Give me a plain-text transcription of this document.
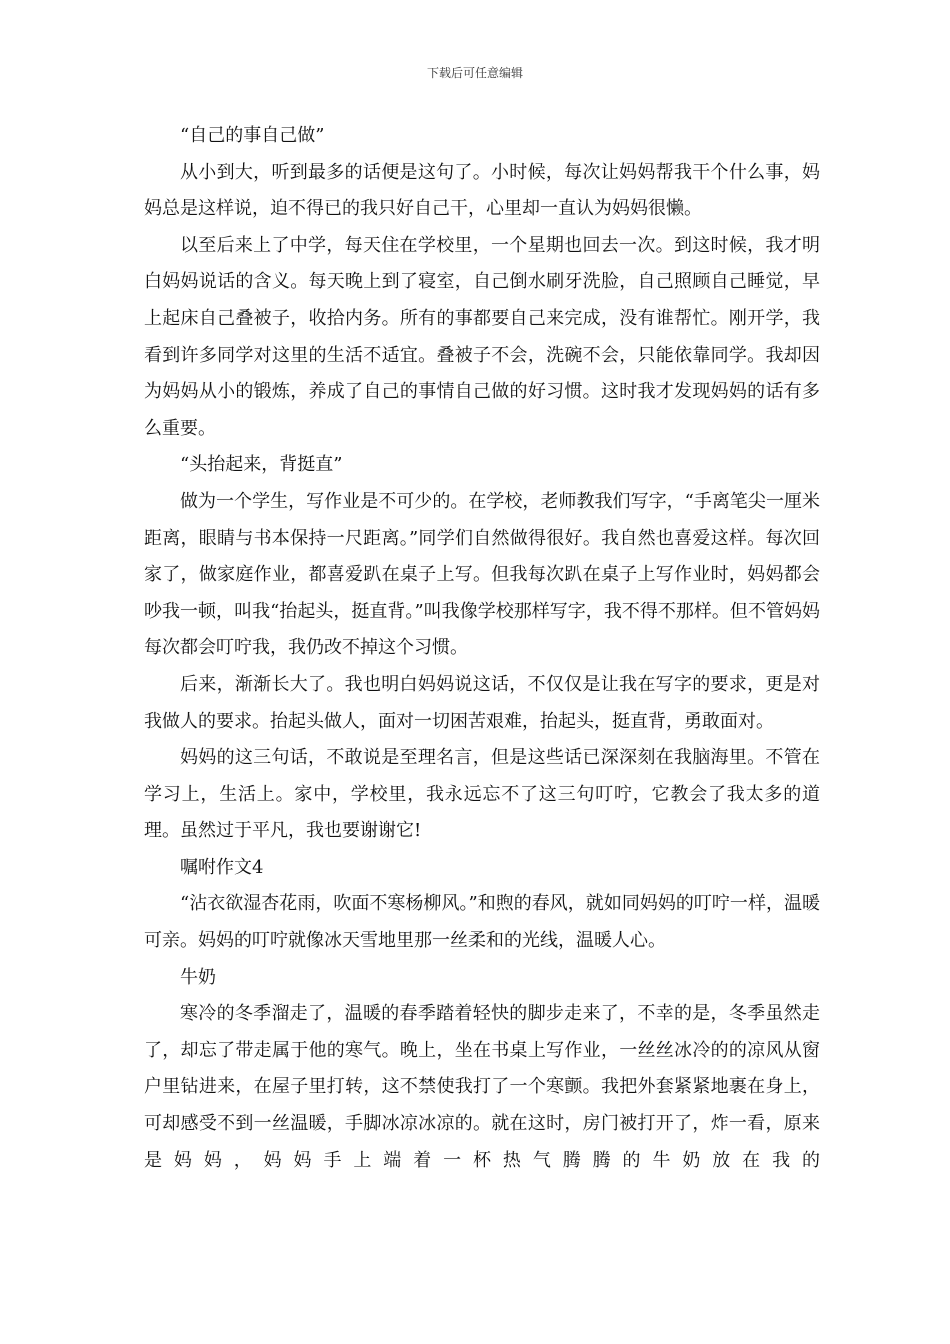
下载后可任意编辑

“自己的事自己做”

从小到大，听到最多的话便是这句了。小时候，每次让妈妈帮我干个什么事，妈妈总是这样说，迫不得已的我只好自己干，心里却一直认为妈妈很懒。

以至后来上了中学，每天住在学校里，一个星期也回去一次。到这时候，我才明白妈妈说话的含义。每天晚上到了寝室，自己倒水刷牙洗脸，自己照顾自己睡觉，早上起床自己叠被子，收拾内务。所有的事都要自己来完成，没有谁帮忙。刚开学，我看到许多同学对这里的生活不适宜。叠被子不会，洗碗不会，只能依靠同学。我却因为妈妈从小的锻炼，养成了自己的事情自己做的好习惯。这时我才发现妈妈的话有多么重要。

“头抬起来，背挺直”

做为一个学生，写作业是不可少的。在学校，老师教我们写字，“手离笔尖一厘米距离，眼睛与书本保持一尺距离。”同学们自然做得很好。我自然也喜爱这样。每次回家了，做家庭作业，都喜爱趴在桌子上写。但我每次趴在桌子上写作业时，妈妈都会吵我一顿，叫我“抬起头，挺直背。”叫我像学校那样写字，我不得不那样。但不管妈妈每次都会叮咛我，我仍改不掉这个习惯。

后来，渐渐长大了。我也明白妈妈说这话，不仅仅是让我在写字的要求，更是对我做人的要求。抬起头做人，面对一切困苦艰难，抬起头，挺直背，勇敢面对。

妈妈的这三句话，不敢说是至理名言，但是这些话已深深刻在我脑海里。不管在学习上，生活上。家中，学校里，我永远忘不了这三句叮咛，它教会了我太多的道理。虽然过于平凡，我也要谢谢它!

嘱咐作文4

“沾衣欲湿杏花雨，吹面不寒杨柳风。”和煦的春风，就如同妈妈的叮咛一样，温暖可亲。妈妈的叮咛就像冰天雪地里那一丝柔和的光线，温暖人心。

牛奶

寒冷的冬季溜走了，温暖的春季踏着轻快的脚步走来了，不幸的是，冬季虽然走了，却忘了带走属于他的寒气。晚上，坐在书桌上写作业，一丝丝冰冷的的凉风从窗户里钻进来，在屋子里打转，这不禁使我打了一个寒颤。我把外套紧紧地裹在身上，可却感受不到一丝温暖，手脚冰凉冰凉的。就在这时，房门被打开了，炸一看，原来是妈妈，妈妈手上端着一杯热气腾腾的牛奶放在我的
